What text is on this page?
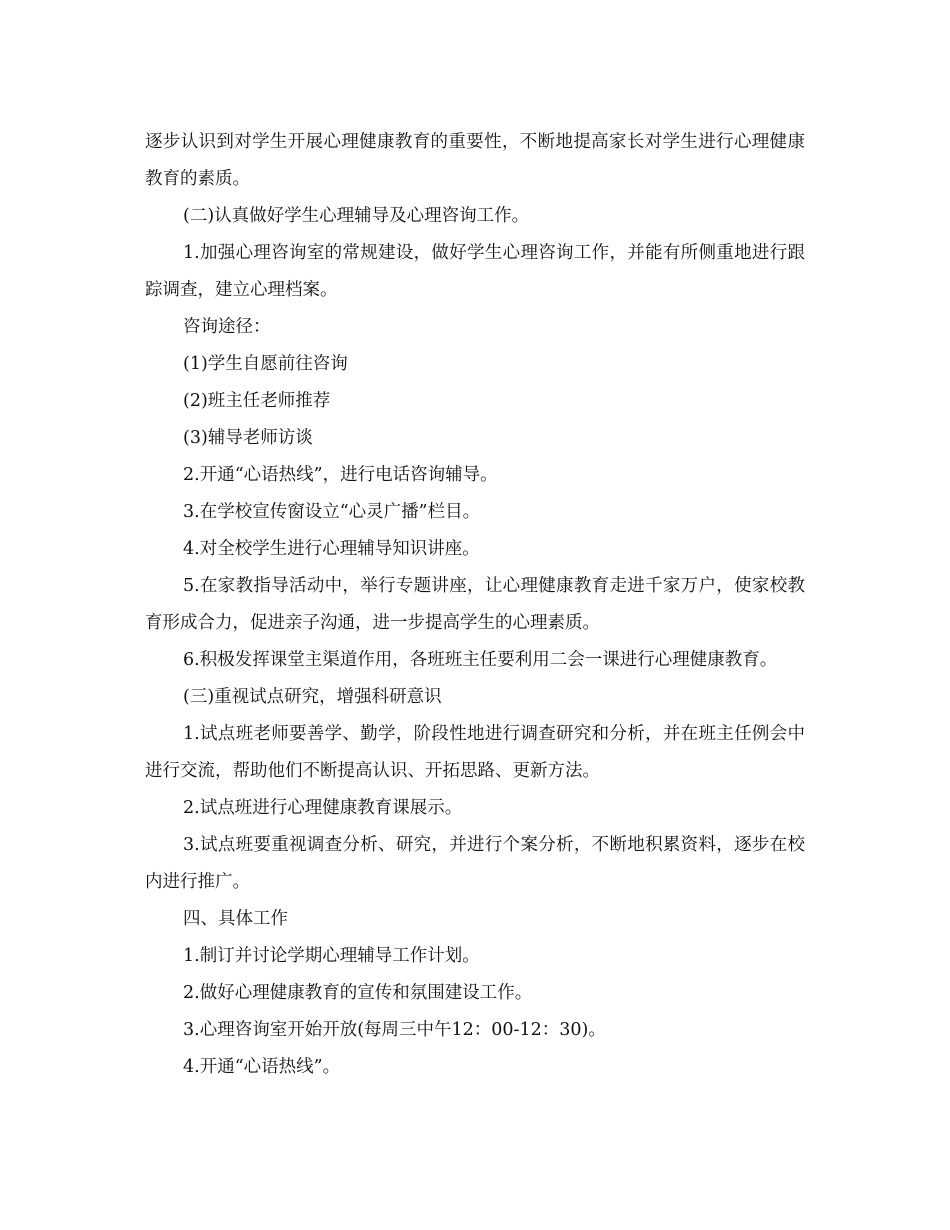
逐步认识到对学生开展心理健康教育的重要性，不断地提高家长对学生进行心理健康教育的素质。

(二)认真做好学生心理辅导及心理咨询工作。

1.加强心理咨询室的常规建设，做好学生心理咨询工作，并能有所侧重地进行跟踪调查，建立心理档案。

咨询途径：

(1)学生自愿前往咨询

(2)班主任老师推荐

(3)辅导老师访谈

2.开通“心语热线”，进行电话咨询辅导。

3.在学校宣传窗设立“心灵广播”栏目。

4.对全校学生进行心理辅导知识讲座。

5.在家教指导活动中，举行专题讲座，让心理健康教育走进千家万户，使家校教育形成合力，促进亲子沟通，进一步提高学生的心理素质。

6.积极发挥课堂主渠道作用，各班班主任要利用二会一课进行心理健康教育。

(三)重视试点研究，增强科研意识

1.试点班老师要善学、勤学，阶段性地进行调查研究和分析，并在班主任例会中进行交流，帮助他们不断提高认识、开拓思路、更新方法。

2.试点班进行心理健康教育课展示。

3.试点班要重视调查分析、研究，并进行个案分析，不断地积累资料，逐步在校内进行推广。

四、具体工作

1.制订并讨论学期心理辅导工作计划。

2.做好心理健康教育的宣传和氛围建设工作。

3.心理咨询室开始开放(每周三中午12：00-12：30)。

4.开通“心语热线”。
